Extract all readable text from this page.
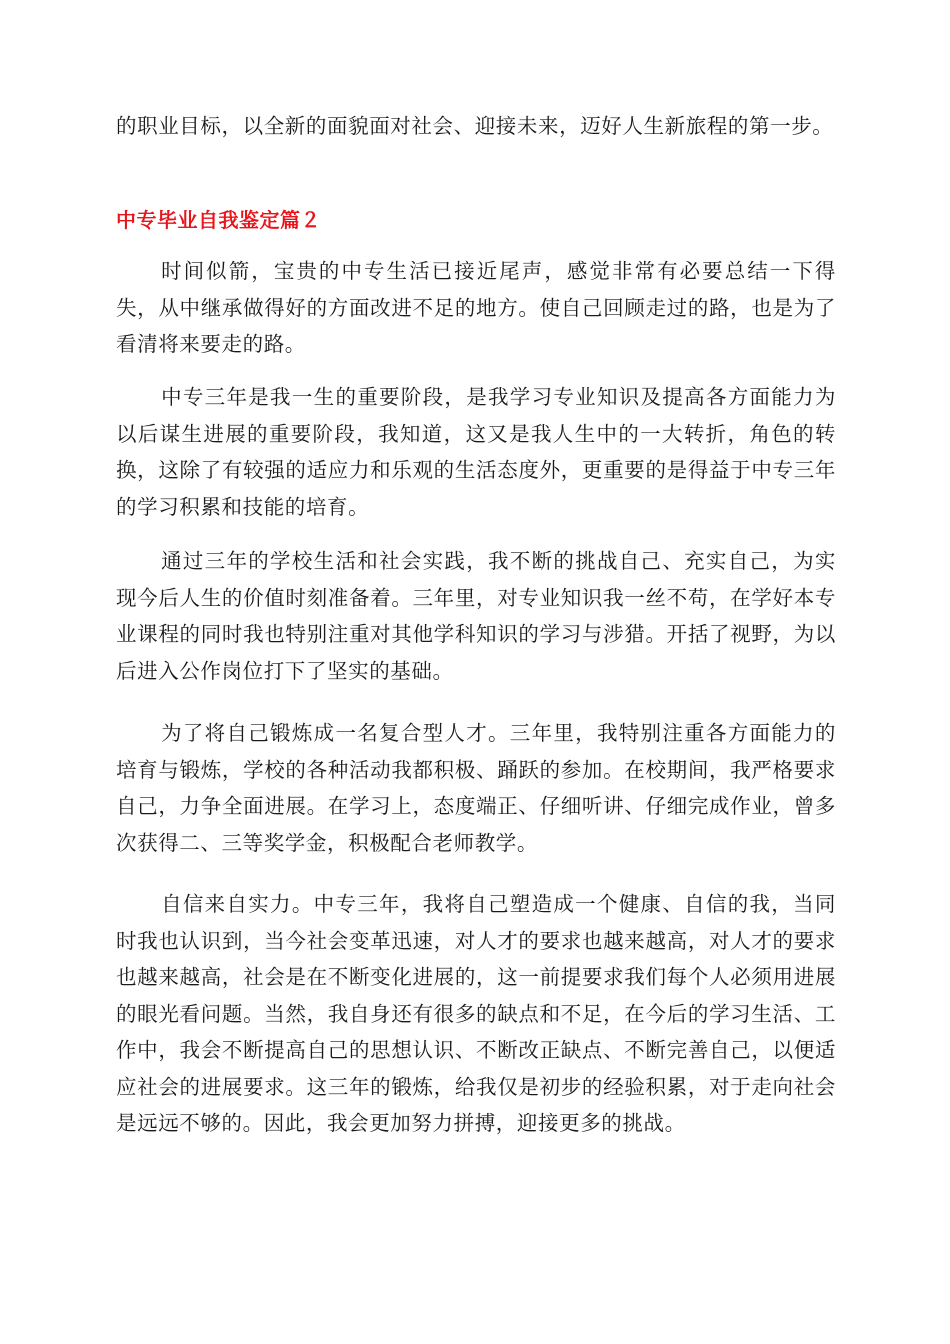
的职业目标，以全新的面貌面对社会、迎接未来，迈好人生新旅程的第一步。

中专毕业自我鉴定篇２

时间似箭，宝贵的中专生活已接近尾声，感觉非常有必要总结一下得失，从中继承做得好的方面改进不足的地方。使自己回顾走过的路，也是为了看清将来要走的路。

中专三年是我一生的重要阶段，是我学习专业知识及提高各方面能力为以后谋生进展的重要阶段，我知道，这又是我人生中的一大转折，角色的转换，这除了有较强的适应力和乐观的生活态度外，更重要的是得益于中专三年的学习积累和技能的培育。

通过三年的学校生活和社会实践，我不断的挑战自己、充实自己，为实现今后人生的价值时刻准备着。三年里，对专业知识我一丝不苟，在学好本专业课程的同时我也特别注重对其他学科知识的学习与涉猎。开括了视野，为以后进入公作岗位打下了坚实的基础。

为了将自己锻炼成一名复合型人才。三年里，我特别注重各方面能力的培育与锻炼，学校的各种活动我都积极、踊跃的参加。在校期间，我严格要求自己，力争全面进展。在学习上，态度端正、仔细听讲、仔细完成作业，曾多次获得二、三等奖学金，积极配合老师教学。

自信来自实力。中专三年，我将自己塑造成一个健康、自信的我，当同时我也认识到，当今社会变革迅速，对人才的要求也越来越高，对人才的要求也越来越高，社会是在不断变化进展的，这一前提要求我们每个人必须用进展的眼光看问题。当然，我自身还有很多的缺点和不足，在今后的学习生活、工作中，我会不断提高自己的思想认识、不断改正缺点、不断完善自己，以便适应社会的进展要求。这三年的锻炼，给我仅是初步的经验积累，对于走向社会是远远不够的。因此，我会更加努力拼搏，迎接更多的挑战。
